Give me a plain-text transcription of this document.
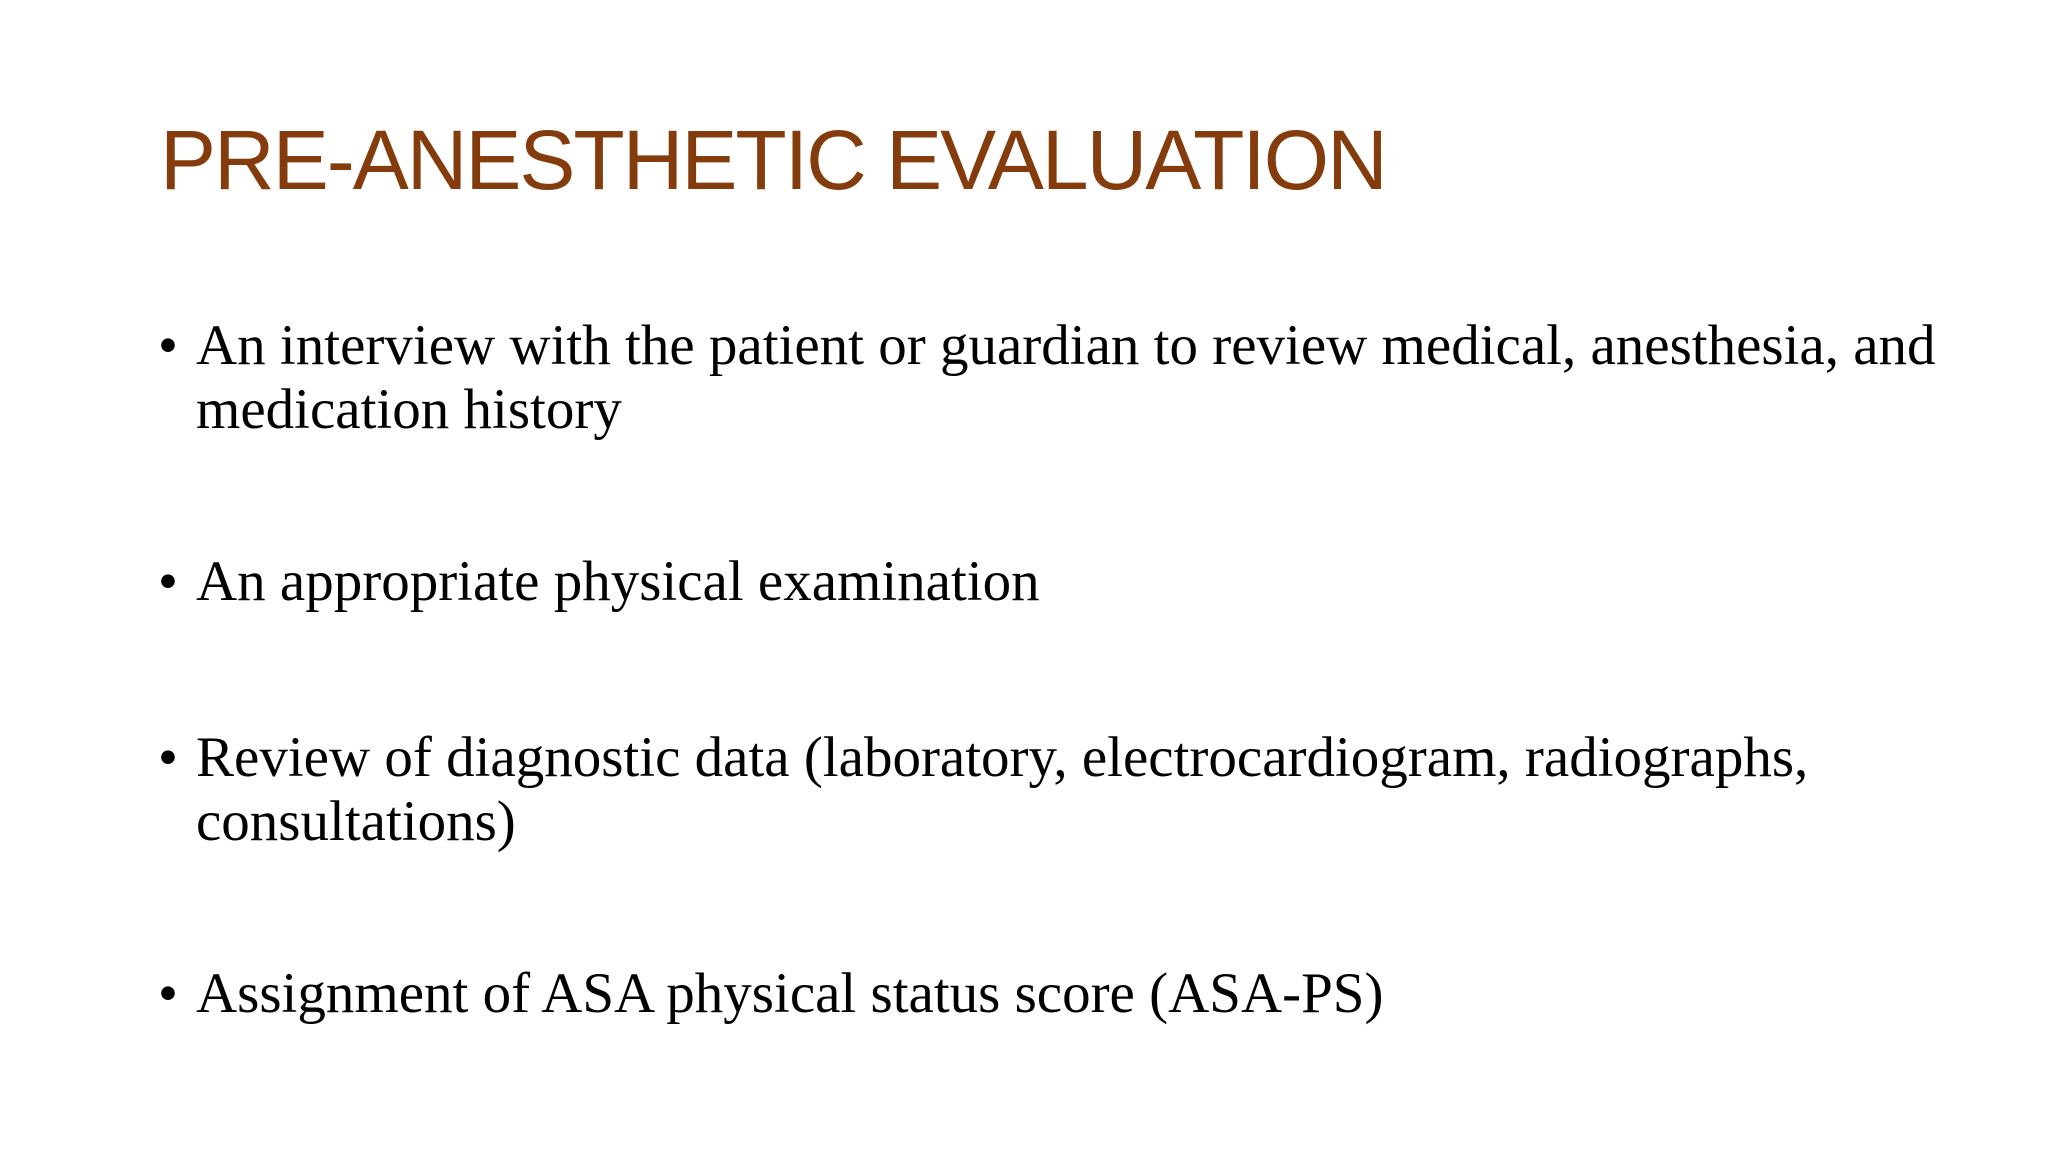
PRE-ANESTHETIC EVALUATION
• An interview with the patient or guardian to review medical, anesthesia, and medication history
• An appropriate physical examination
• Review of diagnostic data (laboratory, electrocardiogram, radiographs, consultations)
• Assignment of ASA physical status score (ASA-PS)
